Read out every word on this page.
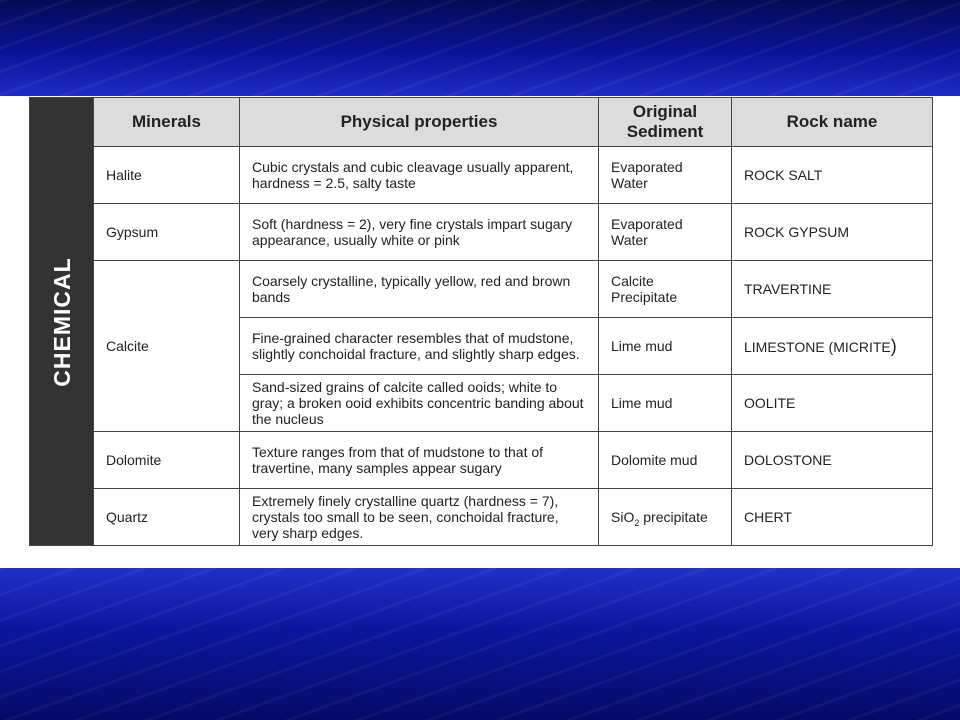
CHEMICAL	Minerals	Physical properties	Original Sediment	Rock name
	Halite	Cubic crystals and cubic cleavage usually apparent, hardness = 2.5, salty taste	Evaporated Water	ROCK SALT
	Gypsum	Soft (hardness = 2), very fine crystals impart sugary appearance, usually white or pink	Evaporated Water	ROCK GYPSUM
	Calcite	Coarsely crystalline, typically yellow, red and brown bands	Calcite Precipitate	TRAVERTINE
		Fine-grained character resembles that of mudstone, slightly conchoidal fracture, and slightly sharp edges.	Lime mud	LIMESTONE (MICRITE)
		Sand-sized grains of calcite called ooids; white to gray; a broken ooid exhibits concentric banding about the nucleus	Lime mud	OOLITE
	Dolomite	Texture ranges from that of mudstone to that of travertine, many samples appear sugary	Dolomite mud	DOLOSTONE
	Quartz	Extremely finely crystalline quartz (hardness = 7), crystals too small to be seen, conchoidal fracture, very sharp edges.	SiO$_2$ precipitate	CHERT
